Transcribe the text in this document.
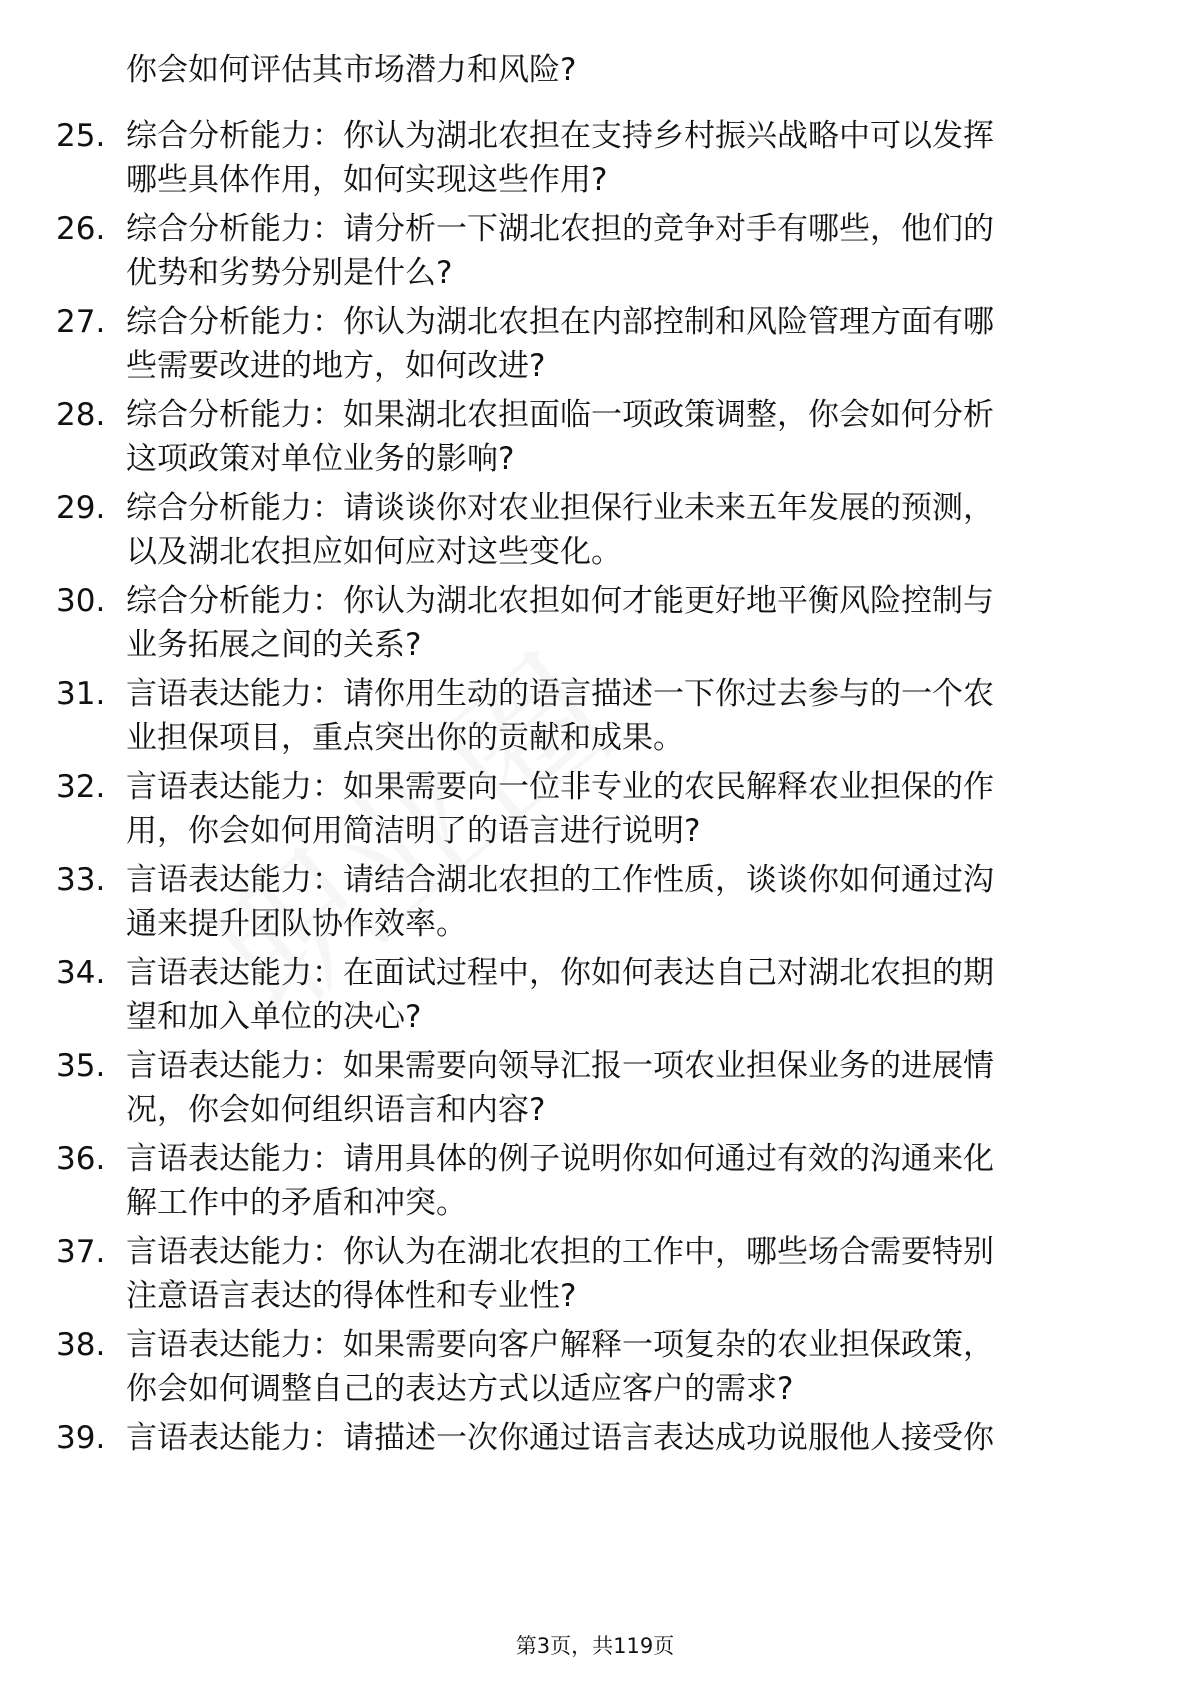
你会如何评估其市场潜力和风险?
25. 综合分析能力：你认为湖北农担在支持乡村振兴战略中可以发挥
哪些具体作用，如何实现这些作用?
26. 综合分析能力：请分析一下湖北农担的竞争对手有哪些，他们的
优势和劣势分别是什么?
27. 综合分析能力：你认为湖北农担在内部控制和风险管理方面有哪
些需要改进的地方，如何改进?
28. 综合分析能力：如果湖北农担面临一项政策调整，你会如何分析
这项政策对单位业务的影响?
29. 综合分析能力：请谈谈你对农业担保行业未来五年发展的预测，
以及湖北农担应如何应对这些变化。
30. 综合分析能力：你认为湖北农担如何才能更好地平衡风险控制与
业务拓展之间的关系?
31. 言语表达能力：请你用生动的语言描述一下你过去参与的一个农
业担保项目，重点突出你的贡献和成果。
32. 言语表达能力：如果需要向一位非专业的农民解释农业担保的作
用，你会如何用简洁明了的语言进行说明?
33. 言语表达能力：请结合湖北农担的工作性质，谈谈你如何通过沟
通来提升团队协作效率。
34. 言语表达能力：在面试过程中，你如何表达自己对湖北农担的期
望和加入单位的决心?
35. 言语表达能力：如果需要向领导汇报一项农业担保业务的进展情
况，你会如何组织语言和内容?
36. 言语表达能力：请用具体的例子说明你如何通过有效的沟通来化
解工作中的矛盾和冲突。
37. 言语表达能力：你认为在湖北农担的工作中，哪些场合需要特别
注意语言表达的得体性和专业性?
38. 言语表达能力：如果需要向客户解释一项复杂的农业担保政策，
你会如何调整自己的表达方式以适应客户的需求?
39. 言语表达能力：请描述一次你通过语言表达成功说服他人接受你
第3页，共119页
